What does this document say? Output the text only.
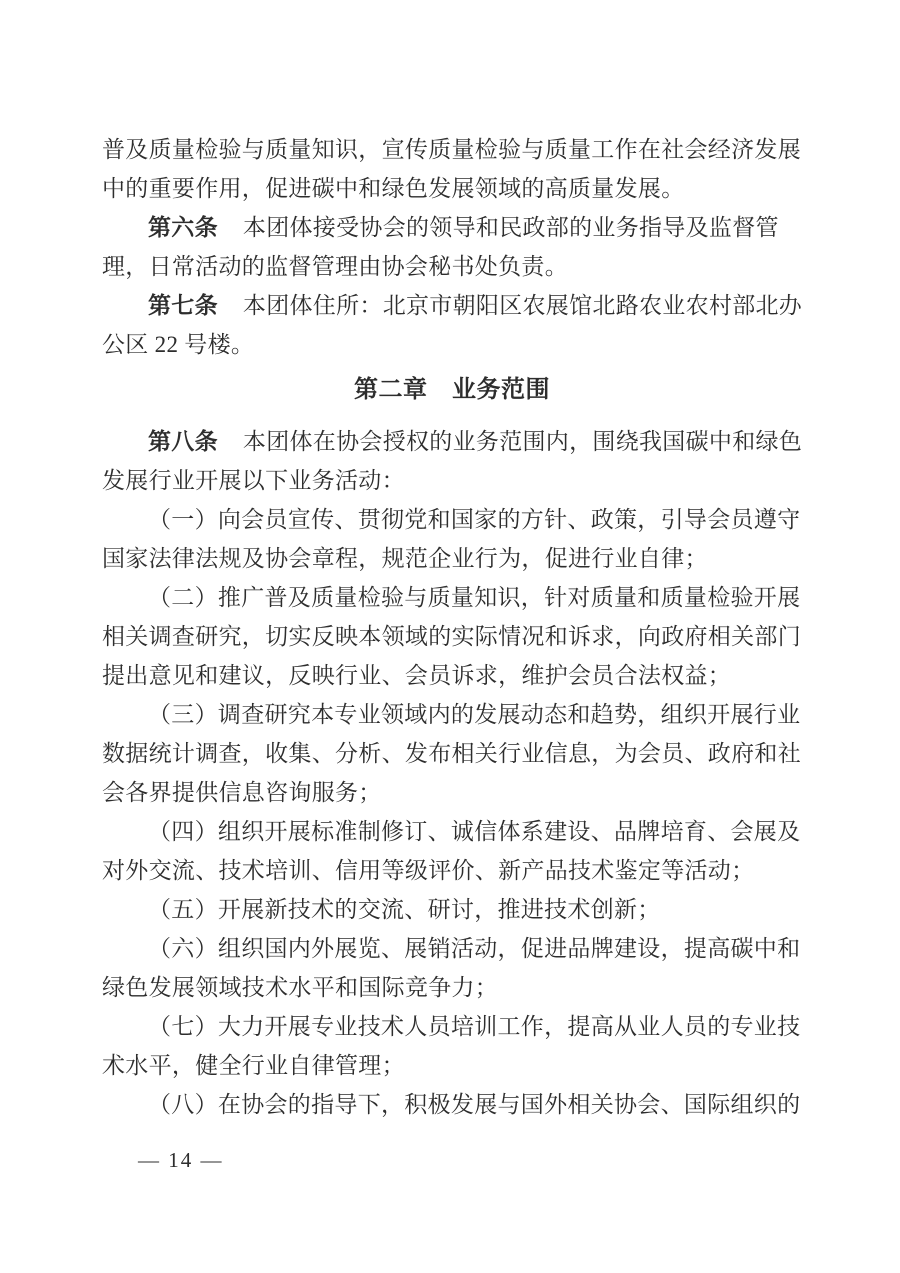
普及质量检验与质量知识，宣传质量检验与质量工作在社会经济发展
中的重要作用，促进碳中和绿色发展领域的高质量发展。
第六条 本团体接受协会的领导和民政部的业务指导及监督管
理，日常活动的监督管理由协会秘书处负责。
第七条 本团体住所：北京市朝阳区农展馆北路农业农村部北办
公区 22 号楼。
第二章　业务范围
第八条 本团体在协会授权的业务范围内，围绕我国碳中和绿色
发展行业开展以下业务活动：
（一）向会员宣传、贯彻党和国家的方针、政策，引导会员遵守
国家法律法规及协会章程，规范企业行为，促进行业自律；
（二）推广普及质量检验与质量知识，针对质量和质量检验开展
相关调查研究，切实反映本领域的实际情况和诉求，向政府相关部门
提出意见和建议，反映行业、会员诉求，维护会员合法权益；
（三）调查研究本专业领域内的发展动态和趋势，组织开展行业
数据统计调查，收集、分析、发布相关行业信息，为会员、政府和社
会各界提供信息咨询服务；
（四）组织开展标准制修订、诚信体系建设、品牌培育、会展及
对外交流、技术培训、信用等级评价、新产品技术鉴定等活动；
（五）开展新技术的交流、研讨，推进技术创新；
（六）组织国内外展览、展销活动，促进品牌建设，提高碳中和
绿色发展领域技术水平和国际竞争力；
（七）大力开展专业技术人员培训工作，提高从业人员的专业技
术水平，健全行业自律管理；
（八）在协会的指导下，积极发展与国外相关协会、国际组织的
— 14 —
